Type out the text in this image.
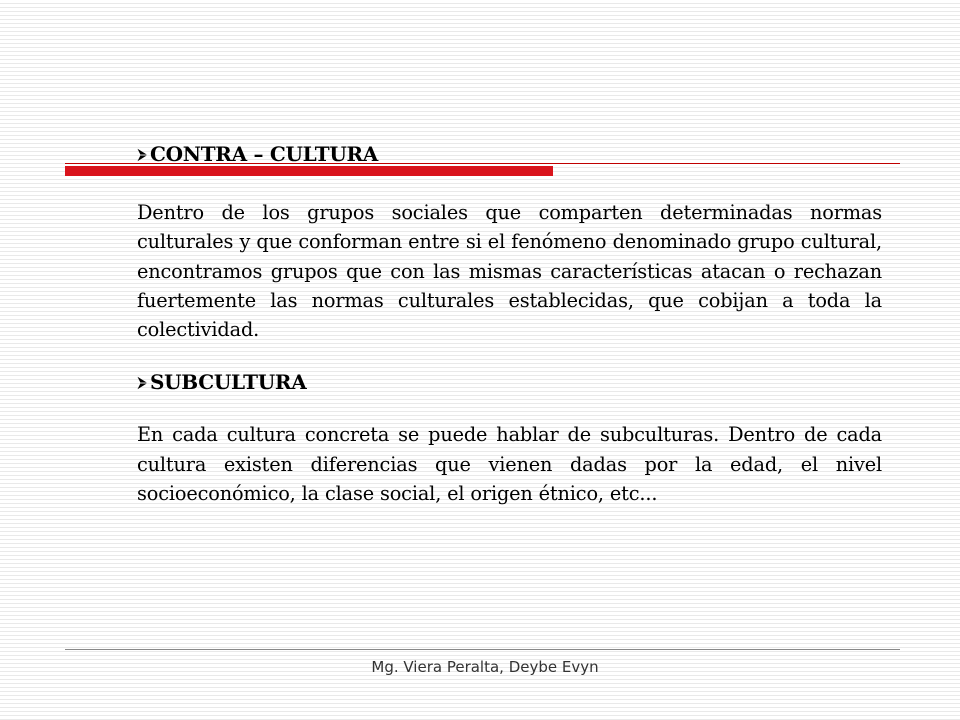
CONTRA – CULTURA

Dentro de los grupos sociales que comparten determinadas normas culturales y que conforman entre si el fenómeno denominado grupo cultural, encontramos grupos que con las mismas características atacan o rechazan fuertemente las normas culturales establecidas, que cobijan a toda la colectividad.

SUBCULTURA

En cada cultura concreta se puede hablar de subculturas. Dentro de cada cultura existen diferencias que vienen dadas por la edad, el nivel socioeconómico, la clase social, el origen étnico, etc...

Mg. Viera Peralta, Deybe Evyn
